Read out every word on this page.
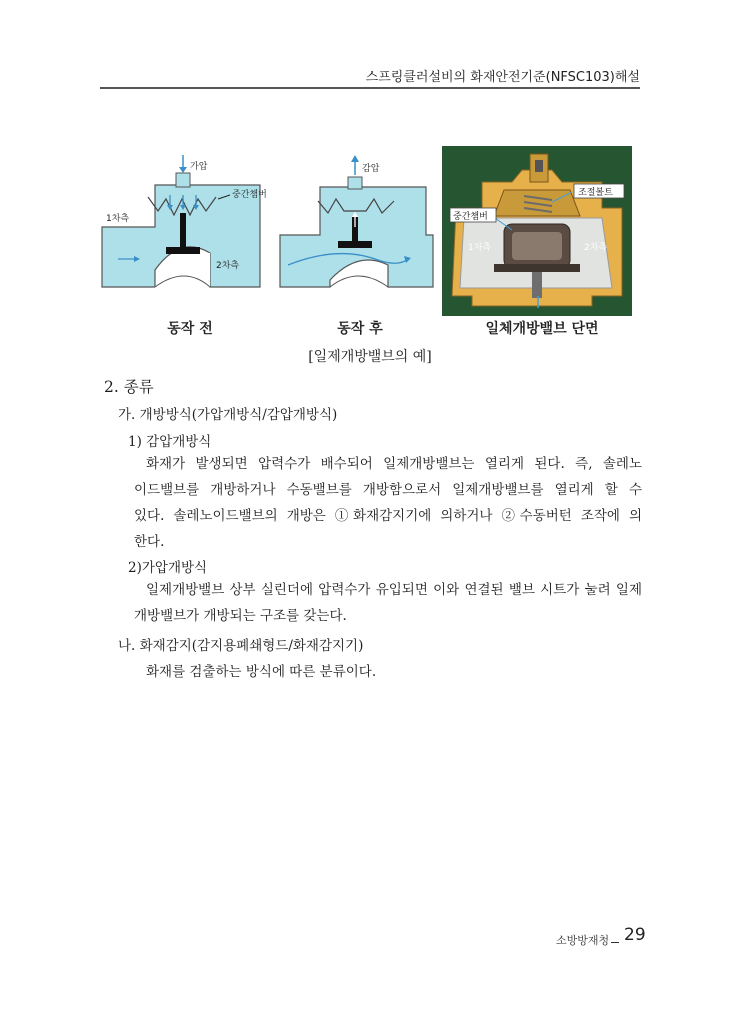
스프링클러설비의 화재안전기준(NFSC103)해설
가압
중간챔버
1차측
2차측
동작 전
감압
동작 후
조절볼트
중간챔버
1차측	2차측
일체개방밸브 단면
[일제개방밸브의 예]
2. 종류
가. 개방방식(가압개방식/감압개방식)
1) 감압개방식
화재가 발생되면 압력수가 배수되어 일제개방밸브는 열리게 된다. 즉, 솔레노
이드밸브를 개방하거나 수동밸브를 개방함으로서 일제개방밸브를 열리게 할 수
있다. 솔레노이드밸브의 개방은 ①화재감지기에 의하거나 ②수동버턴 조작에 의
한다.
2)가압개방식
일제개방밸브 상부 실린더에 압력수가 유입되면 이와 연결된 밸브 시트가 눌려 일제
개방밸브가 개방되는 구조를 갖는다.
나. 화재감지(감지용폐쇄형드/화재감지기)
화재를 검출하는 방식에 따른 분류이다.
소방방재청 29
